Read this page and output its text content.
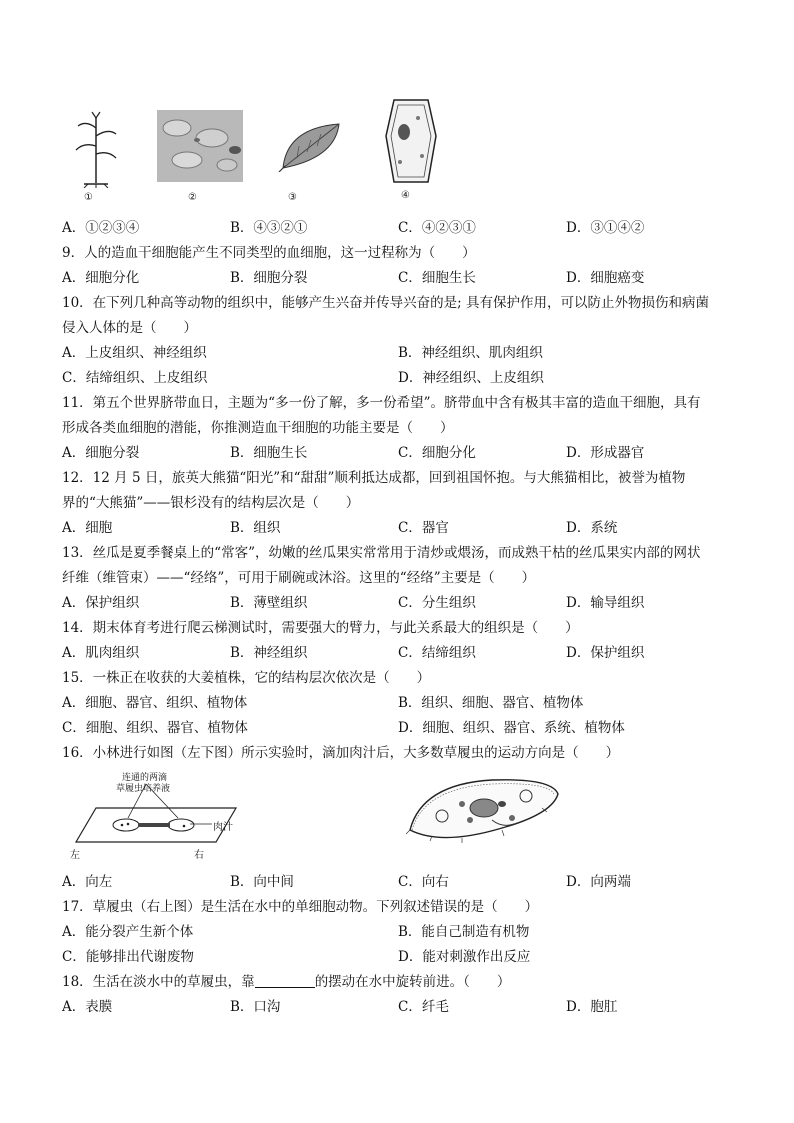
①	②	③	④
A．①②③④	B．④③②①	C．④②③①	D．③①④②
9．人的造血干细胞能产生不同类型的血细胞，这一过程称为（　　）
A．细胞分化	B．细胞分裂	C．细胞生长	D．细胞癌变
10．在下列几种高等动物的组织中，能够产生兴奋并传导兴奋的是; 具有保护作用，可以防止外物损伤和病菌
侵入人体的是（　　）
A．上皮组织、神经组织	B．神经组织、肌肉组织
C．结缔组织、上皮组织	D．神经组织、上皮组织
11．第五个世界脐带血日，主题为“多一份了解，多一份希望”。脐带血中含有极其丰富的造血干细胞，具有
形成各类血细胞的潜能，你推测造血干细胞的功能主要是（　　）
A．细胞分裂	B．细胞生长	C．细胞分化	D．形成器官
12．12 月 5 日，旅英大熊猫“阳光”和“甜甜”顺利抵达成都，回到祖国怀抱。与大熊猫相比，被誉为植物
界的“大熊猫”——银杉没有的结构层次是（　　）
A．细胞	B．组织	C．器官	D．系统
13．丝瓜是夏季餐桌上的“常客”，幼嫩的丝瓜果实常常用于清炒或煨汤，而成熟干枯的丝瓜果实内部的网状
纤维（维管束）——“经络”，可用于刷碗或沐浴。这里的“经络”主要是（　　）
A．保护组织	B．薄壁组织	C．分生组织	D．输导组织
14．期末体育考进行爬云梯测试时，需要强大的臂力，与此关系最大的组织是（　　）
A．肌肉组织	B．神经组织	C．结缔组织	D．保护组织
15．一株正在收获的大姜植株，它的结构层次依次是（　　）
A．细胞、器官、组织、植物体	B．组织、细胞、器官、植物体
C．细胞、组织、器官、植物体	D．细胞、组织、器官、系统、植物体
16．小林进行如图（左下图）所示实验时，滴加肉汁后，大多数草履虫的运动方向是（　　）
连通的两滴
草履虫培养液
肉汁
左	右
A．向左	B．向中间	C．向右	D．向两端
17．草履虫（右上图）是生活在水中的单细胞动物。下列叙述错误的是（　　）
A．能分裂产生新个体	B．能自己制造有机物
C．能够排出代谢废物	D．能对刺激作出反应
18．生活在淡水中的草履虫，靠	的摆动在水中旋转前进。（　　）
A．表膜	B．口沟	C．纤毛	D．胞肛
